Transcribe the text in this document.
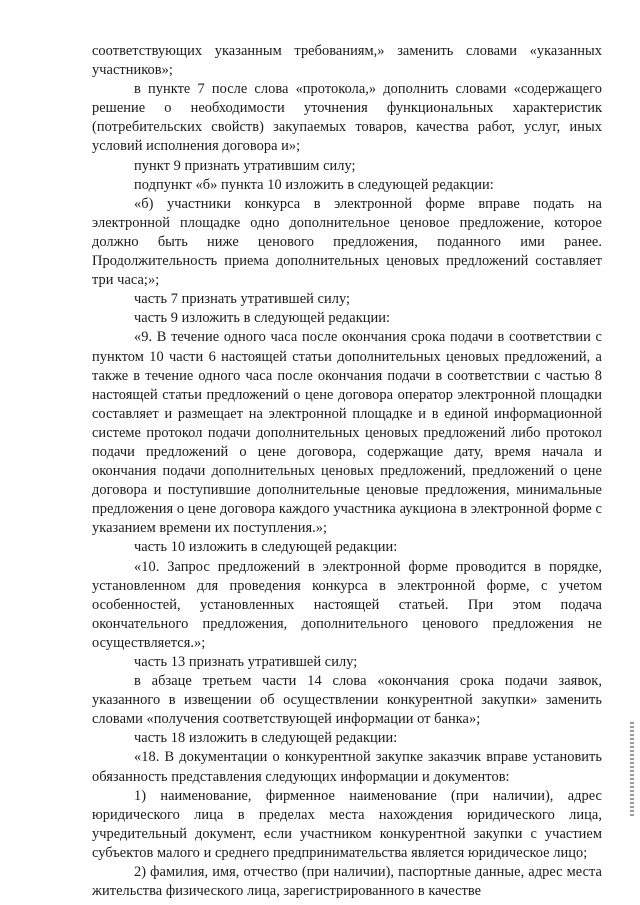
соответствующих указанным требованиям,» заменить словами «указанных участников»;

в пункте 7 после слова «протокола,» дополнить словами «содержащего решение о необходимости уточнения функциональных характеристик (потребительских свойств) закупаемых товаров, качества работ, услуг, иных условий исполнения договора и»;

пункт 9 признать утратившим силу;

подпункт «б» пункта 10 изложить в следующей редакции:

«б) участники конкурса в электронной форме вправе подать на электронной площадке одно дополнительное ценовое предложение, которое должно быть ниже ценового предложения, поданного ими ранее. Продолжительность приема дополнительных ценовых предложений составляет три часа;»;

часть 7 признать утратившей силу;

часть 9 изложить в следующей редакции:

«9. В течение одного часа после окончания срока подачи в соответствии с пунктом 10 части 6 настоящей статьи дополнительных ценовых предложений, а также в течение одного часа после окончания подачи в соответствии с частью 8 настоящей статьи предложений о цене договора оператор электронной площадки составляет и размещает на электронной площадке и в единой информационной системе протокол подачи дополнительных ценовых предложений либо протокол подачи предложений о цене договора, содержащие дату, время начала и окончания подачи дополнительных ценовых предложений, предложений о цене договора и поступившие дополнительные ценовые предложения, минимальные предложения о цене договора каждого участника аукциона в электронной форме с указанием времени их поступления.»;

часть 10 изложить в следующей редакции:

«10. Запрос предложений в электронной форме проводится в порядке, установленном для проведения конкурса в электронной форме, с учетом особенностей, установленных настоящей статьей. При этом подача окончательного предложения, дополнительного ценового предложения не осуществляется.»;

часть 13 признать утратившей силу;

в абзаце третьем части 14 слова «окончания срока подачи заявок, указанного в извещении об осуществлении конкурентной закупки» заменить словами «получения соответствующей информации от банка»;

часть 18 изложить в следующей редакции:

«18. В документации о конкурентной закупке заказчик вправе установить обязанность представления следующих информации и документов:

1) наименование, фирменное наименование (при наличии), адрес юридического лица в пределах места нахождения юридического лица, учредительный документ, если участником конкурентной закупки с участием субъектов малого и среднего предпринимательства является юридическое лицо;

2) фамилия, имя, отчество (при наличии), паспортные данные, адрес места жительства физического лица, зарегистрированного в качестве
